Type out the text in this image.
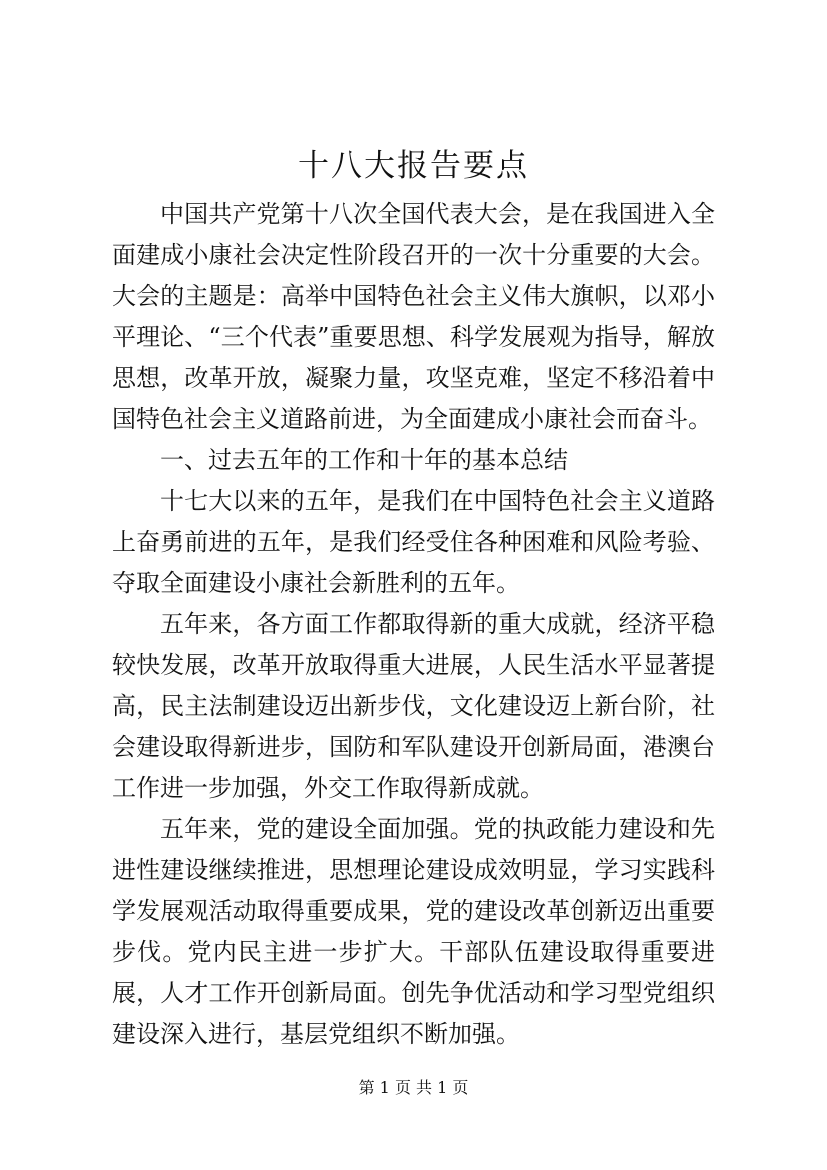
十八大报告要点

中国共产党第十八次全国代表大会，是在我国进入全面建成小康社会决定性阶段召开的一次十分重要的大会。大会的主题是：高举中国特色社会主义伟大旗帜，以邓小平理论、“三个代表”重要思想、科学发展观为指导，解放思想，改革开放，凝聚力量，攻坚克难，坚定不移沿着中国特色社会主义道路前进，为全面建成小康社会而奋斗。

一、过去五年的工作和十年的基本总结

十七大以来的五年，是我们在中国特色社会主义道路上奋勇前进的五年，是我们经受住各种困难和风险考验、夺取全面建设小康社会新胜利的五年。

五年来，各方面工作都取得新的重大成就，经济平稳较快发展，改革开放取得重大进展，人民生活水平显著提高，民主法制建设迈出新步伐，文化建设迈上新台阶，社会建设取得新进步，国防和军队建设开创新局面，港澳台工作进一步加强，外交工作取得新成就。

五年来，党的建设全面加强。党的执政能力建设和先进性建设继续推进，思想理论建设成效明显，学习实践科学发展观活动取得重要成果，党的建设改革创新迈出重要步伐。党内民主进一步扩大。干部队伍建设取得重要进展，人才工作开创新局面。创先争优活动和学习型党组织建设深入进行，基层党组织不断加强。

第 1 页 共 1 页
